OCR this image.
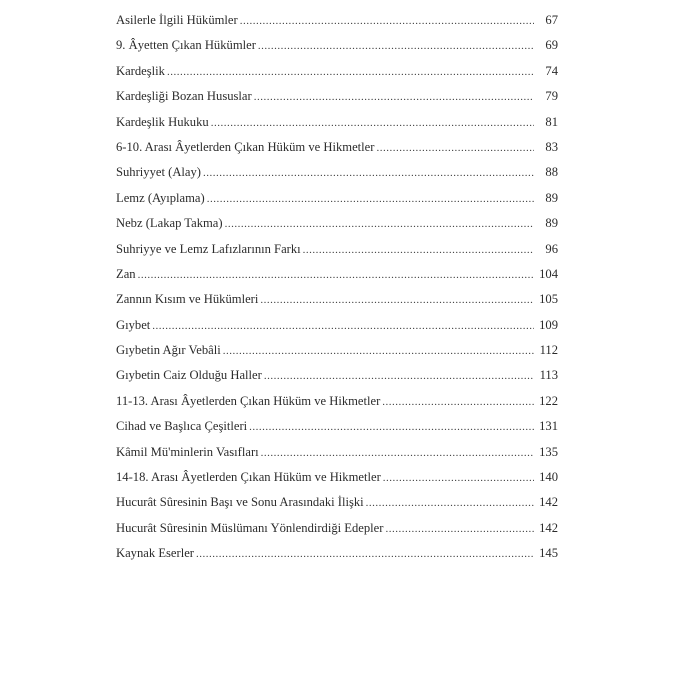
Asilerle İlgili Hükümler .....	67
9. Âyetten Çıkan Hükümler .....	69
Kardeşlik .....	74
Kardeşliği Bozan Hususlar .....	79
Kardeşlik Hukuku .....	81
6-10. Arası Âyetlerden Çıkan Hüküm ve Hikmetler .....	83
Suhriyyet (Alay) .....	88
Lemz (Ayıplama) .....	89
Nebz (Lakap Takma) .....	89
Suhriyye ve Lemz Lafızlarının Farkı .....	96
Zan .....	104
Zannın Kısım ve Hükümleri .....	105
Gıybet .....	109
Gıybetin Ağır Vebâli .....	112
Gıybetin Caiz Olduğu Haller .....	113
11-13. Arası Âyetlerden Çıkan Hüküm ve Hikmetler .....	122
Cihad ve Başlıca Çeşitleri .....	131
Kâmil Mü'minlerin Vasıfları .....	135
14-18. Arası Âyetlerden Çıkan Hüküm ve Hikmetler .....	140
Hucurât Sûresinin Başı ve Sonu Arasındaki İlişki .....	142
Hucurât Sûresinin Müslümanı Yönlendirdiği Edepler .....	142
Kaynak Eserler .....	145
